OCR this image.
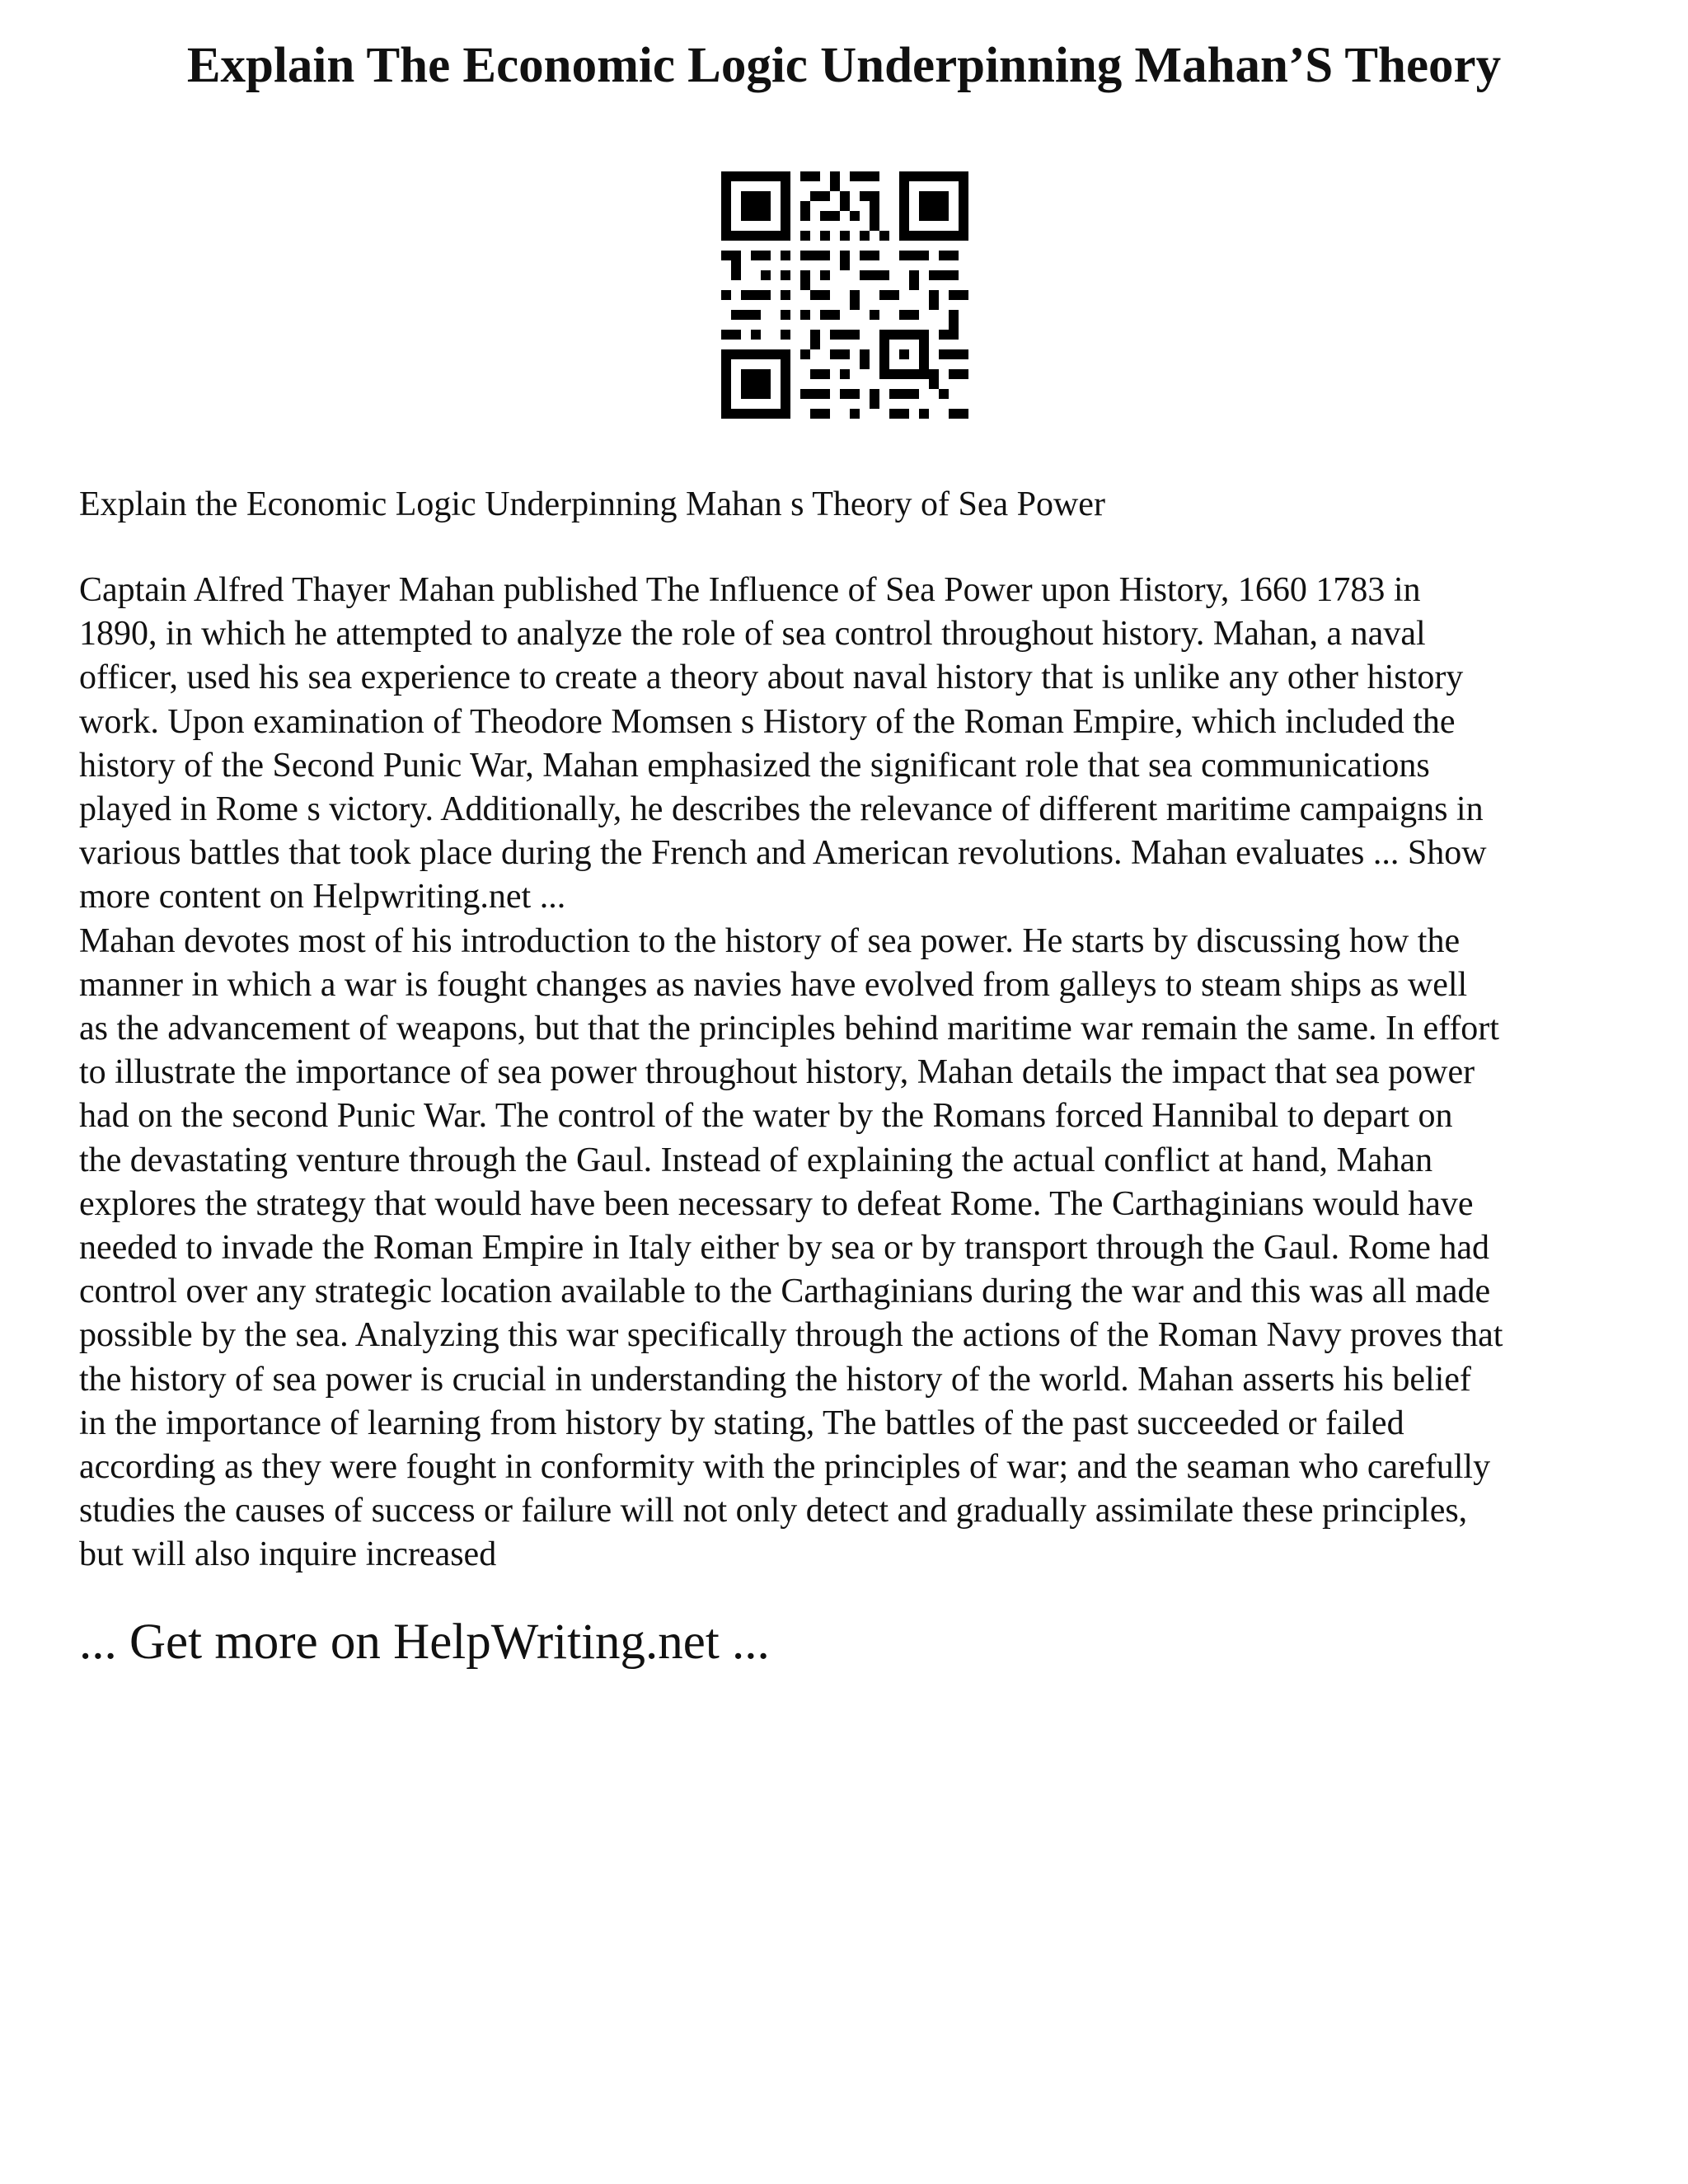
Explain The Economic Logic Underpinning Mahan’S Theory

Explain the Economic Logic Underpinning Mahan s Theory of Sea Power

Captain Alfred Thayer Mahan published The Influence of Sea Power upon History, 1660 1783 in
1890, in which he attempted to analyze the role of sea control throughout history. Mahan, a naval
officer, used his sea experience to create a theory about naval history that is unlike any other history
work. Upon examination of Theodore Momsen s History of the Roman Empire, which included the
history of the Second Punic War, Mahan emphasized the significant role that sea communications
played in Rome s victory. Additionally, he describes the relevance of different maritime campaigns in
various battles that took place during the French and American revolutions. Mahan evaluates ... Show
more content on Helpwriting.net ...
Mahan devotes most of his introduction to the history of sea power. He starts by discussing how the
manner in which a war is fought changes as navies have evolved from galleys to steam ships as well
as the advancement of weapons, but that the principles behind maritime war remain the same. In effort
to illustrate the importance of sea power throughout history, Mahan details the impact that sea power
had on the second Punic War. The control of the water by the Romans forced Hannibal to depart on
the devastating venture through the Gaul. Instead of explaining the actual conflict at hand, Mahan
explores the strategy that would have been necessary to defeat Rome. The Carthaginians would have
needed to invade the Roman Empire in Italy either by sea or by transport through the Gaul. Rome had
control over any strategic location available to the Carthaginians during the war and this was all made
possible by the sea. Analyzing this war specifically through the actions of the Roman Navy proves that
the history of sea power is crucial in understanding the history of the world. Mahan asserts his belief
in the importance of learning from history by stating, The battles of the past succeeded or failed
according as they were fought in conformity with the principles of war; and the seaman who carefully
studies the causes of success or failure will not only detect and gradually assimilate these principles,
but will also inquire increased

... Get more on HelpWriting.net ...
